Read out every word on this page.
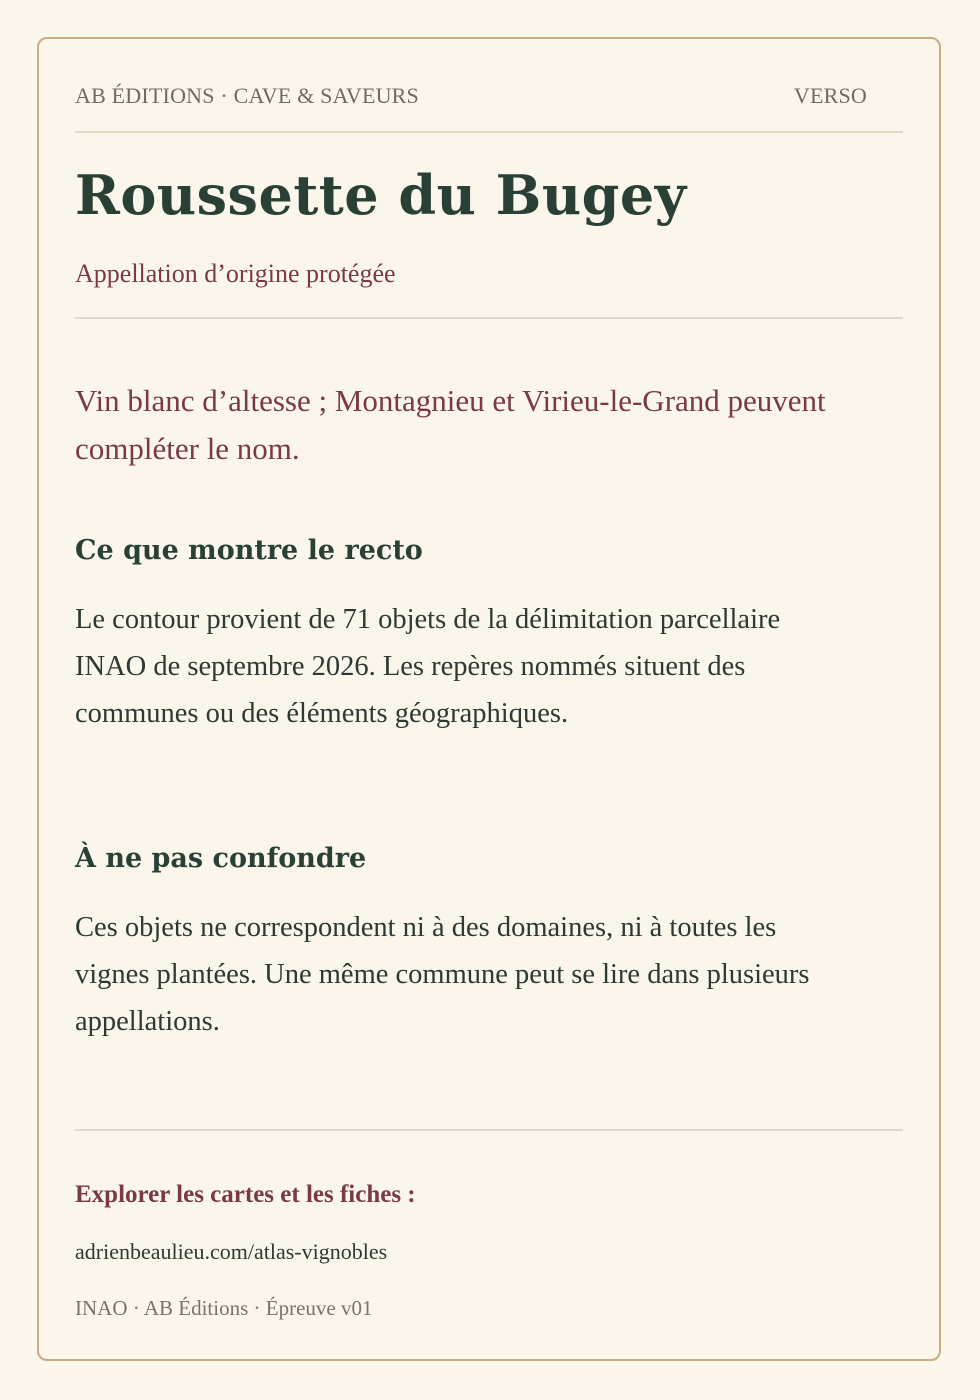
AB ÉDITIONS · CAVE & SAVEURS	VERSO
Roussette du Bugey
Appellation d’origine protégée

Vin blanc d’altesse ; Montagnieu et Virieu-le-Grand peuvent compléter le nom.

Ce que montre le recto

Le contour provient de 71 objets de la délimitation parcellaire INAO de septembre 2026. Les repères nommés situent des communes ou des éléments géographiques.

À ne pas confondre

Ces objets ne correspondent ni à des domaines, ni à toutes les vignes plantées. Une même commune peut se lire dans plusieurs appellations.

Explorer les cartes et les fiches :
adrienbeaulieu.com/atlas-vignobles
INAO · AB Éditions · Épreuve v01
